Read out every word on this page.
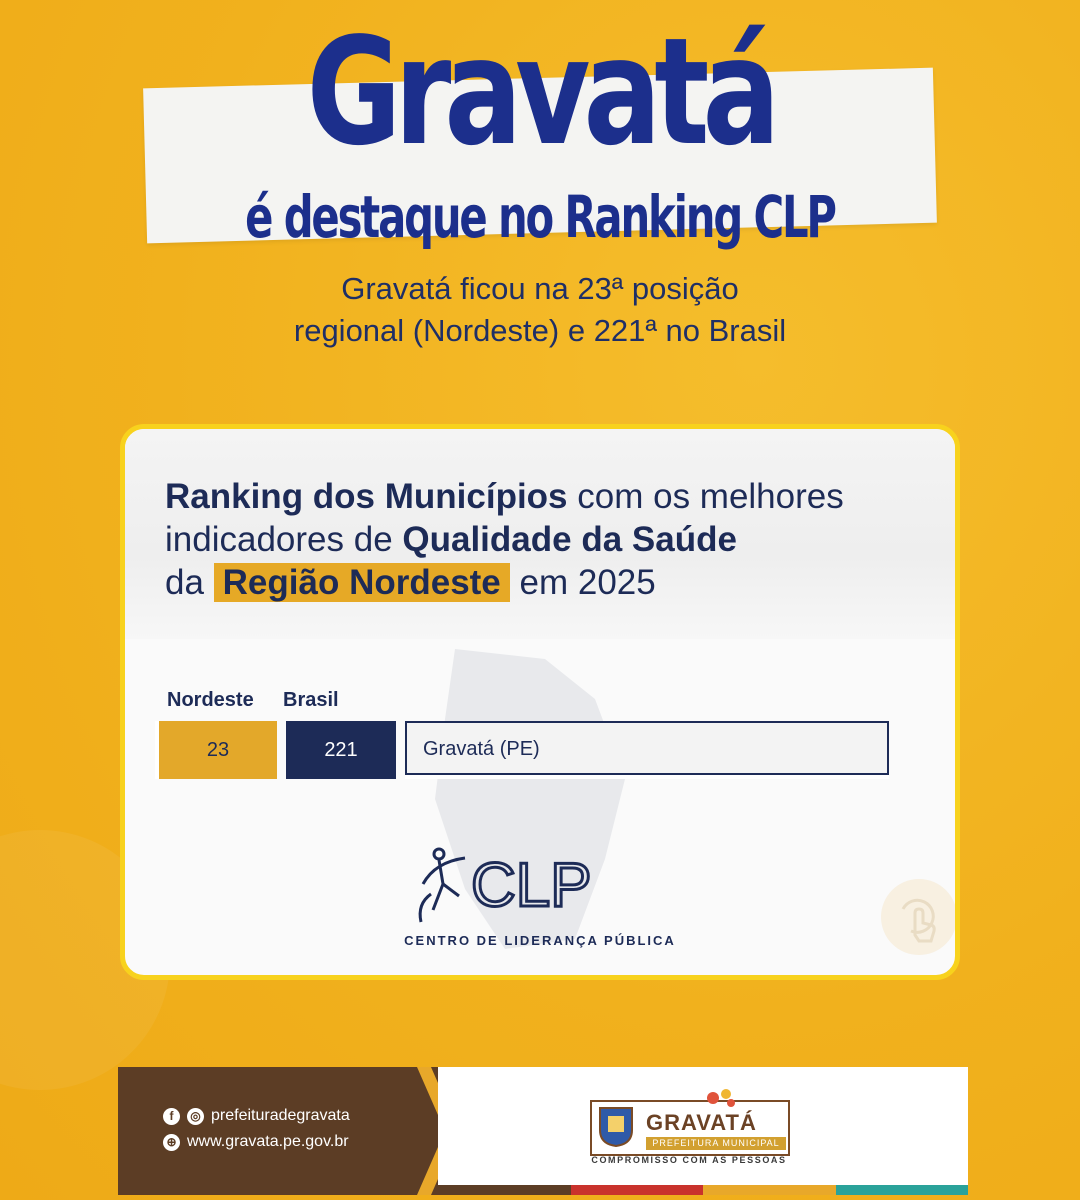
Gravatá
é destaque no Ranking CLP
Gravatá ficou na 23ª posição
regional (Nordeste) e 221ª no Brasil
Ranking dos Municípios com os melhores
indicadores de Qualidade da Saúde
da Região Nordeste em 2025
Nordeste Brasil
23	221	Gravatá (PE)
CLP
CENTRO DE LIDERANÇA PÚBLICA
f	◎ prefeituradegravata
⊕ www.gravata.pe.gov.br
GRAVATÁ
PREFEITURA MUNICIPAL
COMPROMISSO COM AS PESSOAS
